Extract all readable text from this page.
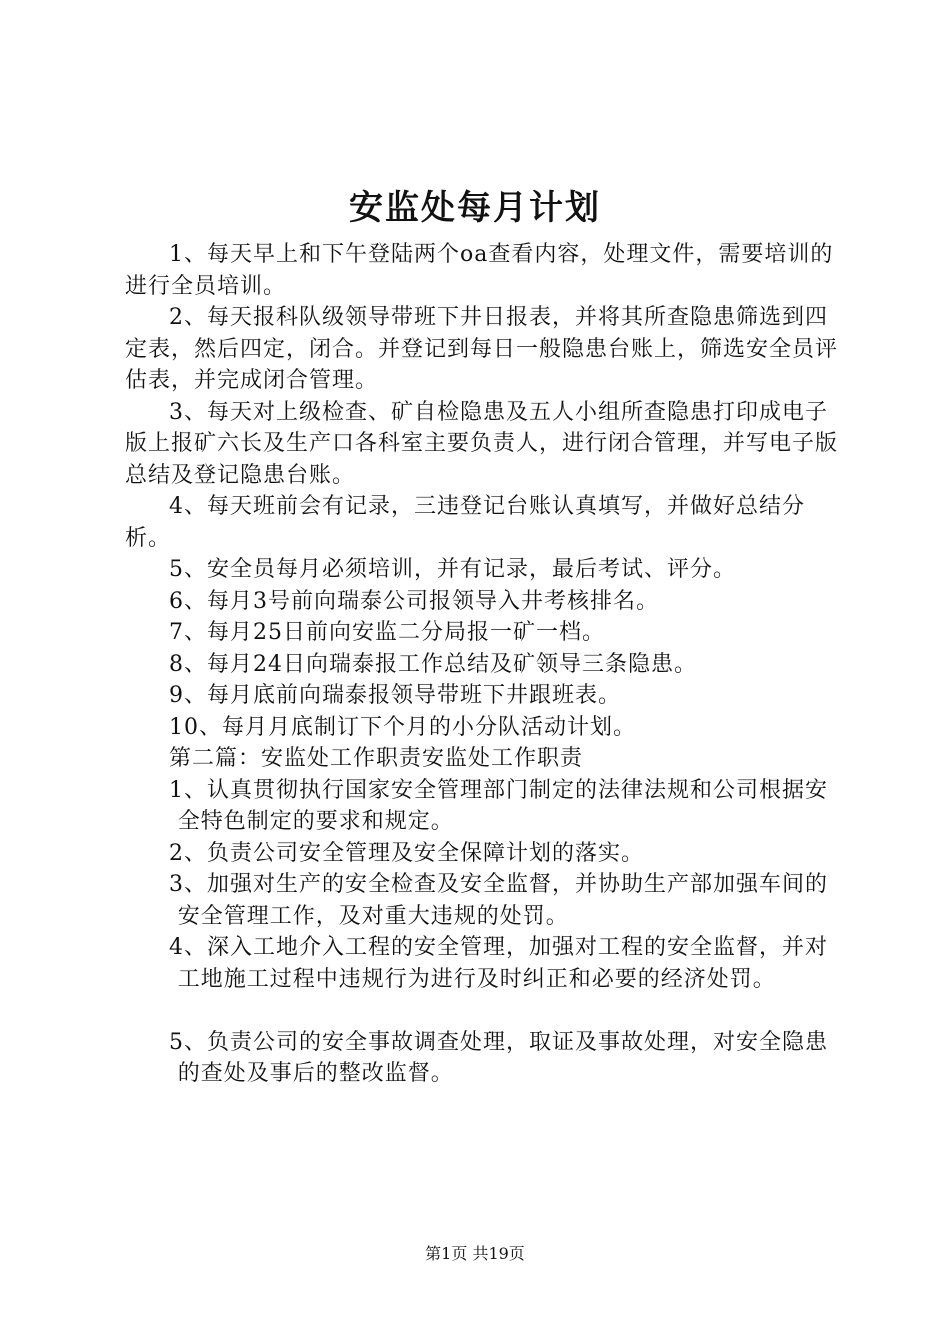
安监处每月计划

1、每天早上和下午登陆两个oa查看内容，处理文件，需要培训的进行全员培训。

2、每天报科队级领导带班下井日报表，并将其所查隐患筛选到四定表，然后四定，闭合。并登记到每日一般隐患台账上，筛选安全员评估表，并完成闭合管理。

3、每天对上级检查、矿自检隐患及五人小组所查隐患打印成电子版上报矿六长及生产口各科室主要负责人，进行闭合管理，并写电子版总结及登记隐患台账。

4、每天班前会有记录，三违登记台账认真填写，并做好总结分析。

5、安全员每月必须培训，并有记录，最后考试、评分。

6、每月3号前向瑞泰公司报领导入井考核排名。

7、每月25日前向安监二分局报一矿一档。

8、每月24日向瑞泰报工作总结及矿领导三条隐患。

9、每月底前向瑞泰报领导带班下井跟班表。

10、每月月底制订下个月的小分队活动计划。

第二篇：安监处工作职责安监处工作职责

1、认真贯彻执行国家安全管理部门制定的法律法规和公司根据安

全特色制定的要求和规定。

2、负责公司安全管理及安全保障计划的落实。

3、加强对生产的安全检查及安全监督，并协助生产部加强车间的

安全管理工作，及对重大违规的处罚。

4、深入工地介入工程的安全管理，加强对工程的安全监督，并对

工地施工过程中违规行为进行及时纠正和必要的经济处罚。

5、负责公司的安全事故调查处理，取证及事故处理，对安全隐患

的查处及事后的整改监督。

第1页 共19页
